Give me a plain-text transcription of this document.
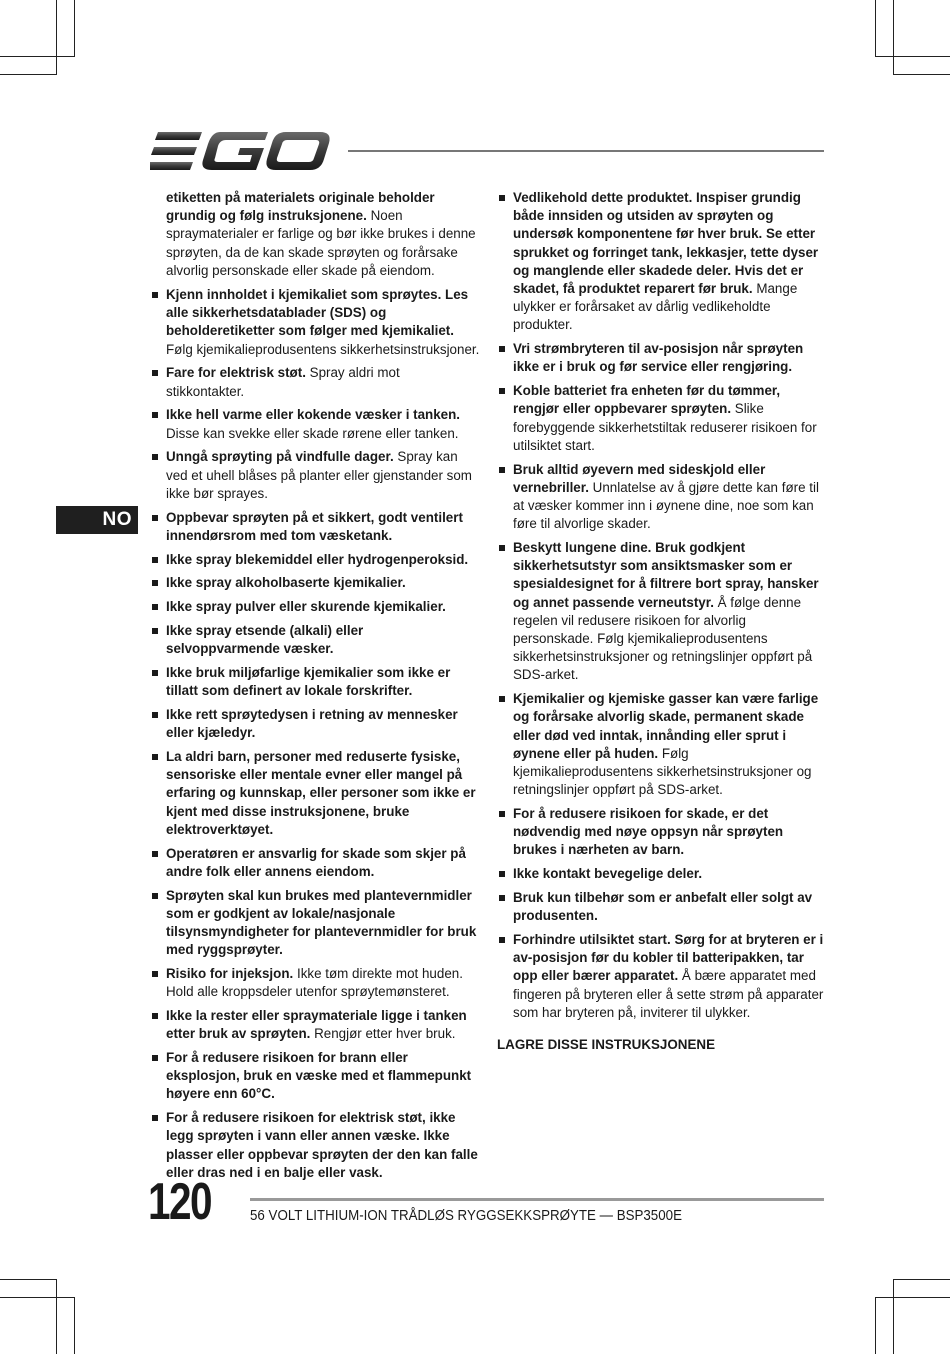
NO

etiketten på materialets originale beholder grundig og følg instruksjonene. Noen spraymaterialer er farlige og bør ikke brukes i denne sprøyten, da de kan skade sprøyten og forårsake alvorlig personskade eller skade på eiendom.

Kjenn innholdet i kjemikaliet som sprøytes. Les alle sikkerhetsdatablader (SDS) og beholderetiketter som følger med kjemikaliet. Følg kjemikalieprodusentens sikkerhetsinstruksjoner.
Fare for elektrisk støt. Spray aldri mot stikkontakter.
Ikke hell varme eller kokende væsker i tanken. Disse kan svekke eller skade rørene eller tanken.
Unngå sprøyting på vindfulle dager. Spray kan ved et uhell blåses på planter eller gjenstander som ikke bør sprayes.
Oppbevar sprøyten på et sikkert, godt ventilert innendørsrom med tom væsketank.
Ikke spray blekemiddel eller hydrogenperoksid.
Ikke spray alkoholbaserte kjemikalier.
Ikke spray pulver eller skurende kjemikalier.
Ikke spray etsende (alkali) eller selvoppvarmende væsker.
Ikke bruk miljøfarlige kjemikalier som ikke er tillatt som definert av lokale forskrifter.
Ikke rett sprøytedysen i retning av mennesker eller kjæledyr.
La aldri barn, personer med reduserte fysiske, sensoriske eller mentale evner eller mangel på erfaring og kunnskap, eller personer som ikke er kjent med disse instruksjonene, bruke elektroverktøyet.
Operatøren er ansvarlig for skade som skjer på andre folk eller annens eiendom.
Sprøyten skal kun brukes med plantevernmidler som er godkjent av lokale/nasjonale tilsynsmyndigheter for plantevernmidler for bruk med ryggsprøyter.
Risiko for injeksjon. Ikke tøm direkte mot huden. Hold alle kroppsdeler utenfor sprøytemønsteret.
Ikke la rester eller spraymateriale ligge i tanken etter bruk av sprøyten. Rengjør etter hver bruk.
For å redusere risikoen for brann eller eksplosjon, bruk en væske med et flammepunkt høyere enn 60°C.
For å redusere risikoen for elektrisk støt, ikke legg sprøyten i vann eller annen væske. Ikke plasser eller oppbevar sprøyten der den kan falle eller dras ned i en balje eller vask.
Vedlikehold dette produktet. Inspiser grundig både innsiden og utsiden av sprøyten og undersøk komponentene før hver bruk. Se etter sprukket og forringet tank, lekkasjer, tette dyser og manglende eller skadede deler. Hvis det er skadet, få produktet reparert før bruk. Mange ulykker er forårsaket av dårlig vedlikeholdte produkter.
Vri strømbryteren til av-posisjon når sprøyten ikke er i bruk og før service eller rengjøring.
Koble batteriet fra enheten før du tømmer, rengjør eller oppbevarer sprøyten. Slike forebyggende sikkerhetstiltak reduserer risikoen for utilsiktet start.
Bruk alltid øyevern med sideskjold eller vernebriller. Unnlatelse av å gjøre dette kan føre til at væsker kommer inn i øynene dine, noe som kan føre til alvorlige skader.
Beskytt lungene dine. Bruk godkjent sikkerhetsutstyr som ansiktsmasker som er spesialdesignet for å filtrere bort spray, hansker og annet passende verneutstyr. Å følge denne regelen vil redusere risikoen for alvorlig personskade. Følg kjemikalieprodusentens sikkerhetsinstruksjoner og retningslinjer oppført på SDS-arket.
Kjemikalier og kjemiske gasser kan være farlige og forårsake alvorlig skade, permanent skade eller død ved inntak, innånding eller sprut i øynene eller på huden. Følg kjemikalieprodusentens sikkerhetsinstruksjoner og retningslinjer oppført på SDS-arket.
For å redusere risikoen for skade, er det nødvendig med nøye oppsyn når sprøyten brukes i nærheten av barn.
Ikke kontakt bevegelige deler.
Bruk kun tilbehør som er anbefalt eller solgt av produsenten.
Forhindre utilsiktet start. Sørg for at bryteren er i av-posisjon før du kobler til batteripakken, tar opp eller bærer apparatet. Å bære apparatet med fingeren på bryteren eller å sette strøm på apparater som har bryteren på, inviterer til ulykker.

LAGRE DISSE INSTRUKSJONENE

120	56 VOLT LITHIUM-ION TRÅDLØS RYGGSEKKSPRØYTE — BSP3500E
